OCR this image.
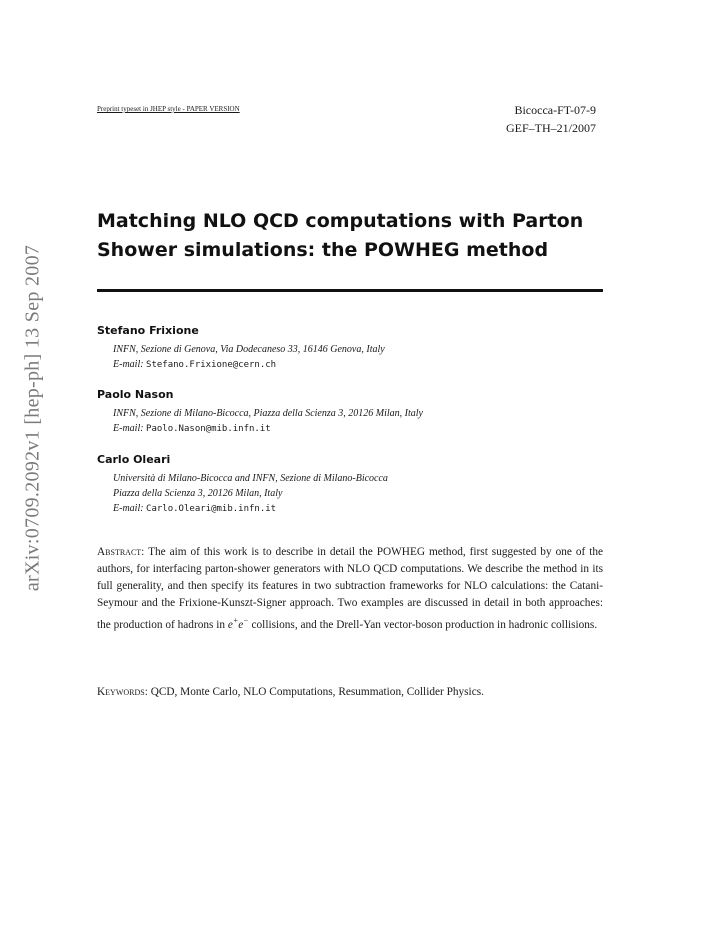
arXiv:0709.2092v1 [hep-ph] 13 Sep 2007
Preprint typeset in JHEP style - PAPER VERSION	Bicocca-FT-07-9
GEF–TH–21/2007
Matching NLO QCD computations with Parton
Shower simulations: the POWHEG method
Stefano Frixione
INFN, Sezione di Genova, Via Dodecaneso 33, 16146 Genova, Italy
E-mail: Stefano.Frixione@cern.ch
Paolo Nason
INFN, Sezione di Milano-Bicocca, Piazza della Scienza 3, 20126 Milan, Italy
E-mail: Paolo.Nason@mib.infn.it
Carlo Oleari
Università di Milano-Bicocca and INFN, Sezione di Milano-Bicocca
Piazza della Scienza 3, 20126 Milan, Italy
E-mail: Carlo.Oleari@mib.infn.it
Abstract: The aim of this work is to describe in detail the POWHEG method, first suggested by one of the authors, for interfacing parton-shower generators with NLO QCD computations. We describe the method in its full generality, and then specify its features in two subtraction frameworks for NLO calculations: the Catani-Seymour and the Frixione-Kunszt-Signer approach. Two examples are discussed in detail in both approaches: the production of hadrons in e+e− collisions, and the Drell-Yan vector-boson production in hadronic collisions.
Keywords: QCD, Monte Carlo, NLO Computations, Resummation, Collider Physics.
